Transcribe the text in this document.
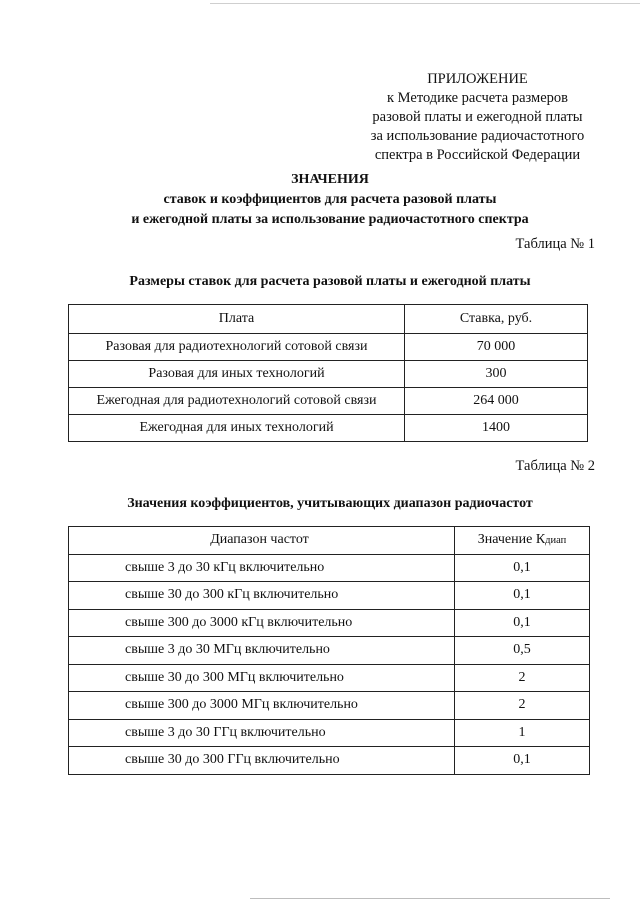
ПРИЛОЖЕНИЕ
к Методике расчета размеров
разовой платы и ежегодной платы
за использование радиочастотного
спектра в Российской Федерации
ЗНАЧЕНИЯ
ставок и коэффициентов для расчета разовой платы
и ежегодной платы за использование радиочастотного спектра
Таблица № 1
Размеры ставок для расчета разовой платы и ежегодной платы
Плата	Ставка, руб.
Разовая для радиотехнологий сотовой связи	70 000
Разовая для иных технологий	300
Ежегодная для радиотехнологий сотовой связи	264 000
Ежегодная для иных технологий	1400
Таблица № 2
Значения коэффициентов, учитывающих диапазон радиочастот
Диапазон частот	Значение Кдиап
свыше 3 до 30 кГц включительно	0,1
свыше 30 до 300 кГц включительно	0,1
свыше 300 до 3000 кГц включительно	0,1
свыше 3 до 30 МГц включительно	0,5
свыше 30 до 300 МГц включительно	2
свыше 300 до 3000 МГц включительно	2
свыше 3 до 30 ГГц включительно	1
свыше 30 до 300 ГГц включительно	0,1
